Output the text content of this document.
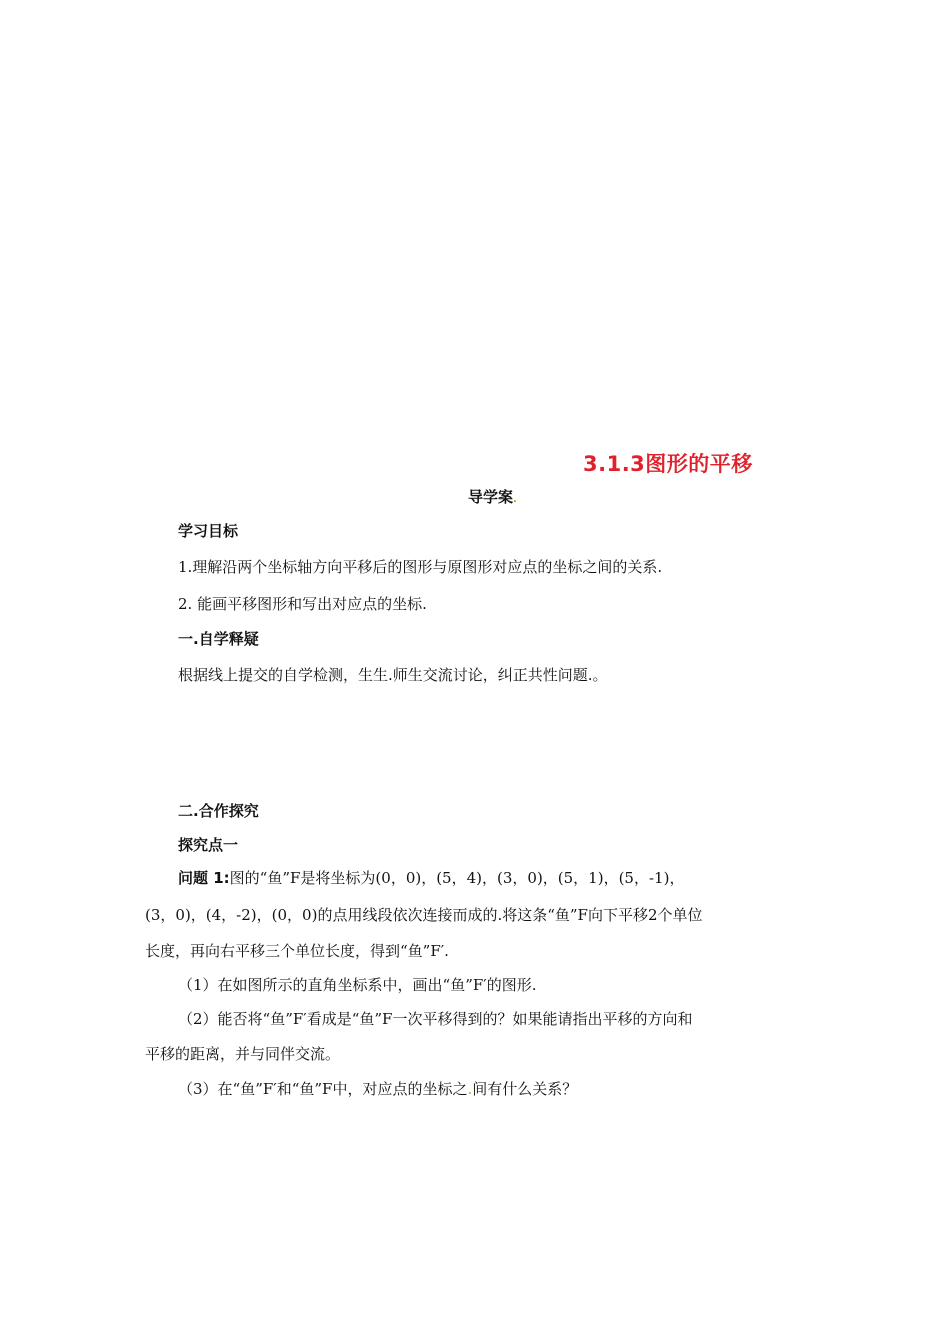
3.1.3图形的平移
导学案.
学习目标
1.理解沿两个坐标轴方向平移后的图形与原图形对应点的坐标之间的关系.
2. 能画平移图形和写出对应点的坐标.
一.自学释疑
根据线上提交的自学检测，生生.师生交流讨论，纠正共性问题.。
二.合作探究
探究点一
问题 1:图的“鱼”F是将坐标为(0，0)，(5，4)，(3，0)，(5，1)，(5，-1)，
(3，0)，(4，-2)，(0，0)的点用线段依次连接而成的.将这条“鱼”F向下平移2个单位
长度，再向右平移三个单位长度，得到“鱼”F′.
（1）在如图所示的直角坐标系中，画出“鱼”F′的图形.
（2）能否将“鱼”F′看成是“鱼”F一次平移得到的？如果能请指出平移的方向和
平移的距离，并与同伴交流。
（3）在“鱼”F′和“鱼”F中，对应点的坐标之.间有什么关系？
